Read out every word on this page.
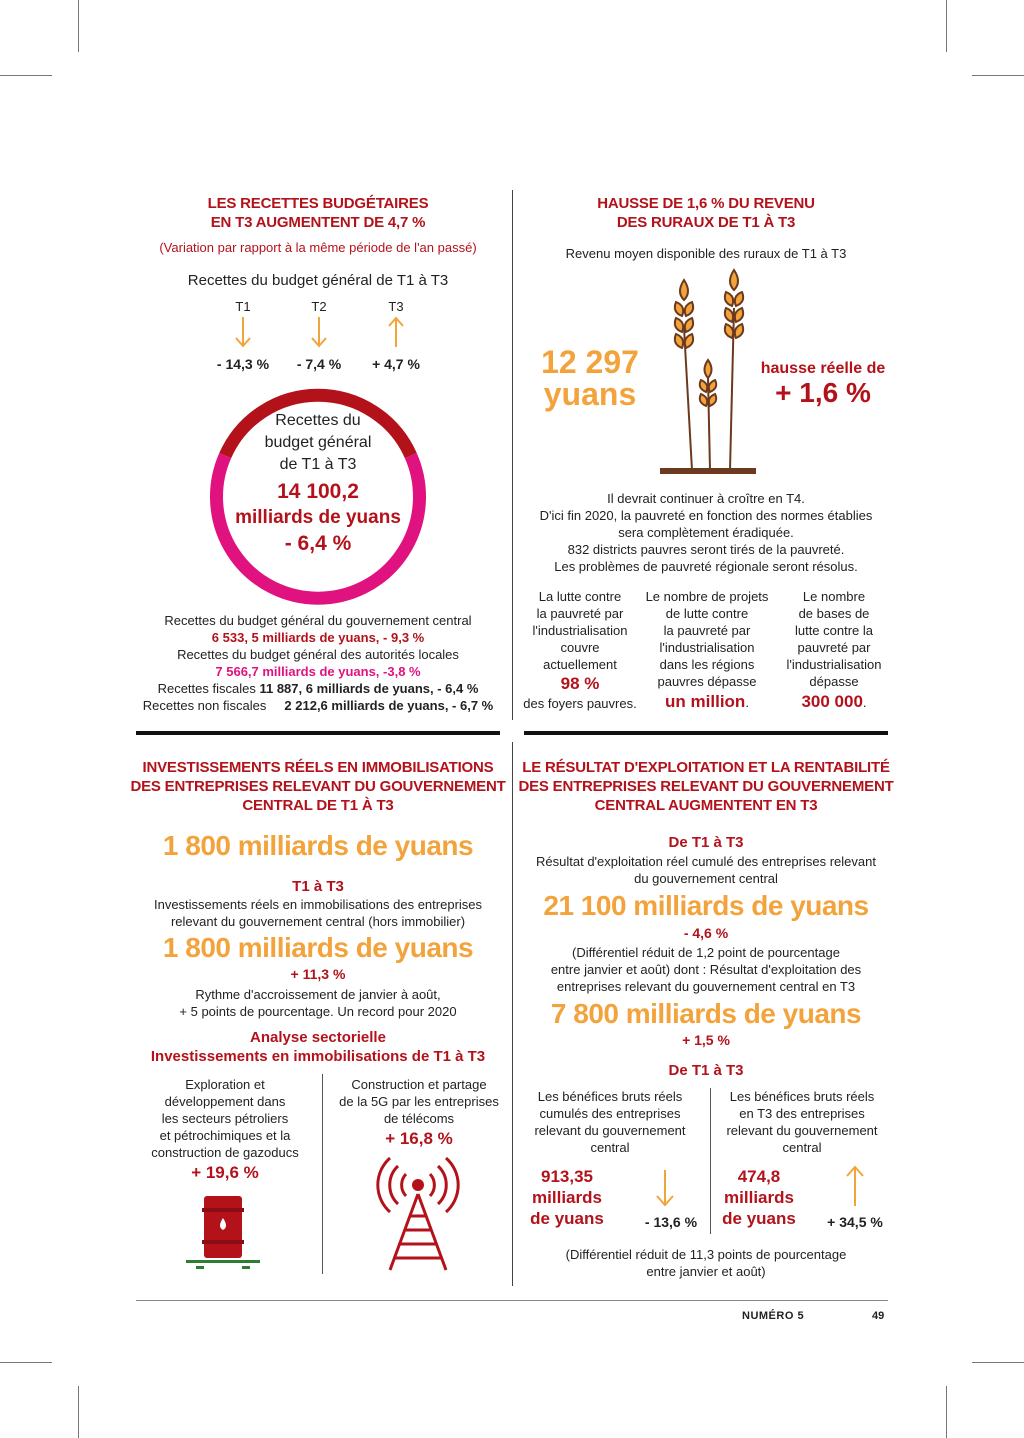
LES RECETTES BUDGÉTAIRES
EN T3 AUGMENTENT DE 4,7 %
(Variation par rapport à la même période de l'an passé)
Recettes du budget général de T1 à T3
T1
- 14,3 %
T2
- 7,4 %
T3
+ 4,7 %
Recettes du
budget général
de T1 à T3
14 100,2
milliards de yuans
- 6,4 %
Recettes du budget général du gouvernement central
6 533, 5 milliards de yuans, - 9,3 %
Recettes du budget général des autorités locales
7 566,7 milliards de yuans, -3,8 %
Recettes fiscales 11 887, 6 milliards de yuans, - 6,4 %
Recettes non fiscales 2 212,6 milliards de yuans, - 6,7 %
HAUSSE DE 1,6 % DU REVENU
DES RURAUX DE T1 À T3
Revenu moyen disponible des ruraux de T1 à T3
12 297
yuans
hausse réelle de
+ 1,6 %
Il devrait continuer à croître en T4.
D'ici fin 2020, la pauvreté en fonction des normes établies
sera complètement éradiquée.
832 districts pauvres seront tirés de la pauvreté.
Les problèmes de pauvreté régionale seront résolus.
La lutte contre
la pauvreté par
l'industrialisation
couvre
actuellement
98 %
des foyers pauvres.
Le nombre de projets
de lutte contre
la pauvreté par
l'industrialisation
dans les régions
pauvres dépasse
un million.
Le nombre
de bases de
lutte contre la
pauvreté par
l'industrialisation
dépasse
300 000.
INVESTISSEMENTS RÉELS EN IMMOBILISATIONS
DES ENTREPRISES RELEVANT DU GOUVERNEMENT
CENTRAL DE T1 À T3
1 800 milliards de yuans
T1 à T3
Investissements réels en immobilisations des entreprises
relevant du gouvernement central (hors immobilier)
1 800 milliards de yuans
+ 11,3 %
Rythme d'accroissement de janvier à août,
+ 5 points de pourcentage. Un record pour 2020
Analyse sectorielle
Investissements en immobilisations de T1 à T3
Exploration et
développement dans
les secteurs pétroliers
et pétrochimiques et la
construction de gazoducs
+ 19,6 %
Construction et partage
de la 5G par les entreprises
de télécoms
+ 16,8 %
LE RÉSULTAT D'EXPLOITATION ET LA RENTABILITÉ
DES ENTREPRISES RELEVANT DU GOUVERNEMENT
CENTRAL AUGMENTENT EN T3
De T1 à T3
Résultat d'exploitation réel cumulé des entreprises relevant
du gouvernement central
21 100 milliards de yuans
- 4,6 %
(Différentiel réduit de 1,2 point de pourcentage
entre janvier et août) dont : Résultat d'exploitation des
entreprises relevant du gouvernement central en T3
7 800 milliards de yuans
+ 1,5 %
De T1 à T3
Les bénéfices bruts réels
cumulés des entreprises
relevant du gouvernement
central
913,35
milliards
de yuans	- 13,6 %
Les bénéfices bruts réels
en T3 des entreprises
relevant du gouvernement
central
474,8
milliards
de yuans	+ 34,5 %
(Différentiel réduit de 11,3 points de pourcentage
entre janvier et août)
NUMÉRO 5	49
